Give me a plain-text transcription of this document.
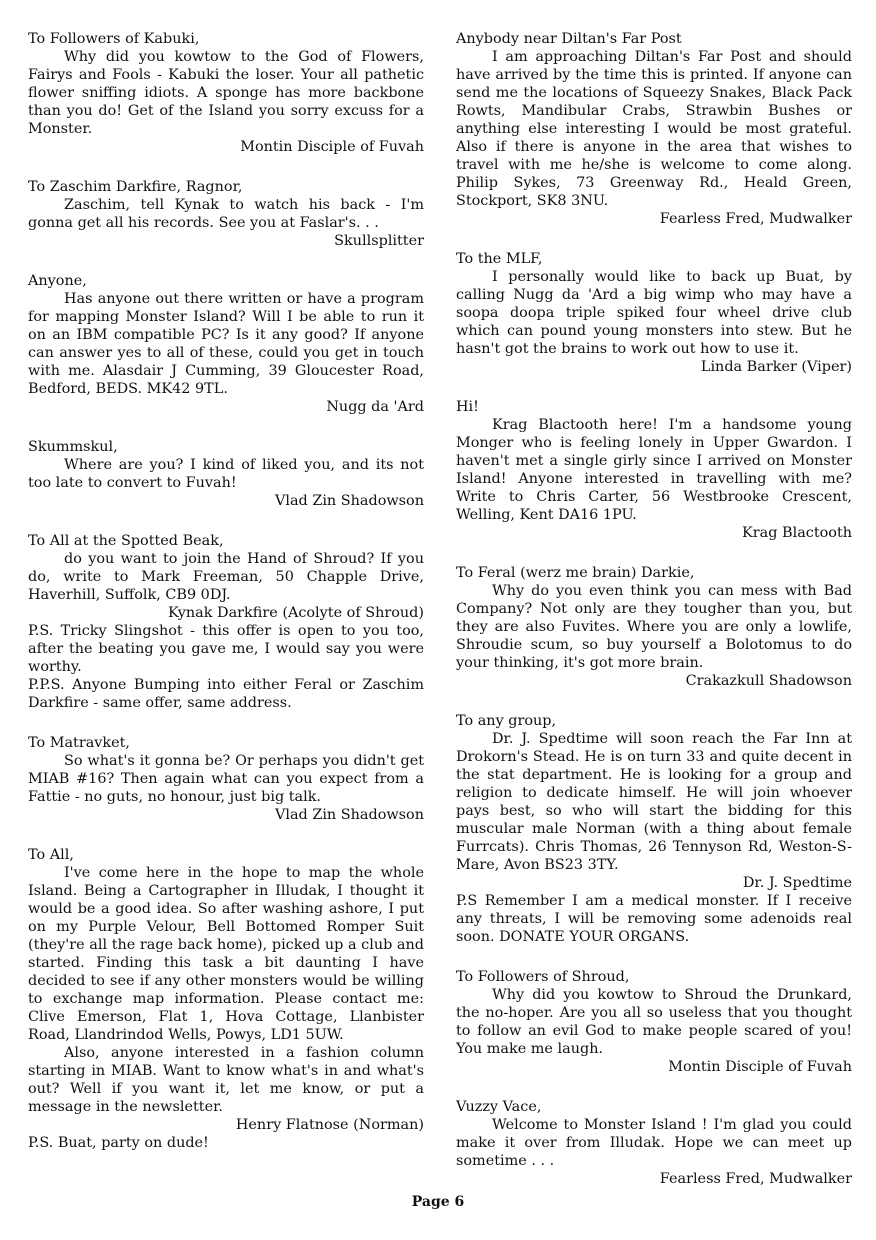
To Followers of Kabuki,

Why did you kowtow to the God of Flowers, Fairys and Fools - Kabuki the loser. Your all pathetic flower sniffing idiots. A sponge has more backbone than you do! Get of the Island you sorry excuss for a Monster.

Montin Disciple of Fuvah

To Zaschim Darkfire, Ragnor,

Zaschim, tell Kynak to watch his back - I'm gonna get all his records. See you at Faslar's. . .

Skullsplitter

Anyone,

Has anyone out there written or have a program for mapping Monster Island? Will I be able to run it on an IBM compatible PC? Is it any good? If anyone can answer yes to all of these, could you get in touch with me. Alasdair J Cumming, 39 Gloucester Road, Bedford, BEDS. MK42 9TL.

Nugg da 'Ard

Skummskul,

Where are you? I kind of liked you, and its not too late to convert to Fuvah!

Vlad Zin Shadowson

To All at the Spotted Beak,

do you want to join the Hand of Shroud? If you do, write to Mark Freeman, 50 Chapple Drive, Haverhill, Suffolk, CB9 0DJ.

Kynak Darkfire (Acolyte of Shroud)

P.S. Tricky Slingshot - this offer is open to you too, after the beating you gave me, I would say you were worthy.

P.P.S. Anyone Bumping into either Feral or Zaschim Darkfire - same offer, same address.

To Matravket,

So what's it gonna be? Or perhaps you didn't get MIAB #16? Then again what can you expect from a Fattie - no guts, no honour, just big talk.

Vlad Zin Shadowson

To All,

I've come here in the hope to map the whole Island. Being a Cartographer in Illudak, I thought it would be a good idea. So after washing ashore, I put on my Purple Velour, Bell Bottomed Romper Suit (they're all the rage back home), picked up a club and started. Finding this task a bit daunting I have decided to see if any other monsters would be willing to exchange map information. Please contact me: Clive Emerson, Flat 1, Hova Cottage, Llanbister Road, Llandrindod Wells, Powys, LD1 5UW.

Also, anyone interested in a fashion column starting in MIAB. Want to know what's in and what's out? Well if you want it, let me know, or put a message in the newsletter.

Henry Flatnose (Norman)

P.S. Buat, party on dude!

Anybody near Diltan's Far Post

I am approaching Diltan's Far Post and should have arrived by the time this is printed. If anyone can send me the locations of Squeezy Snakes, Black Pack Rowts, Mandibular Crabs, Strawbin Bushes or anything else interesting I would be most grateful. Also if there is anyone in the area that wishes to travel with me he/she is welcome to come along. Philip Sykes, 73 Greenway Rd., Heald Green, Stockport, SK8 3NU.

Fearless Fred, Mudwalker

To the MLF,

I personally would like to back up Buat, by calling Nugg da 'Ard a big wimp who may have a soopa doopa triple spiked four wheel drive club which can pound young monsters into stew. But he hasn't got the brains to work out how to use it.

Linda Barker (Viper)

Hi!

Krag Blactooth here! I'm a handsome young Monger who is feeling lonely in Upper Gwardon. I haven't met a single girly since I arrived on Monster Island! Anyone interested in travelling with me? Write to Chris Carter, 56 Westbrooke Crescent, Welling, Kent DA16 1PU.

Krag Blactooth

To Feral (werz me brain) Darkie,

Why do you even think you can mess with Bad Company? Not only are they tougher than you, but they are also Fuvites. Where you are only a lowlife, Shroudie scum, so buy yourself a Bolotomus to do your thinking, it's got more brain.

Crakazkull Shadowson

To any group,

Dr. J. Spedtime will soon reach the Far Inn at Drokorn's Stead. He is on turn 33 and quite decent in the stat department. He is looking for a group and religion to dedicate himself. He will join whoever pays best, so who will start the bidding for this muscular male Norman (with a thing about female Furrcats). Chris Thomas, 26 Tennyson Rd, Weston-S-Mare, Avon BS23 3TY.

Dr. J. Spedtime

P.S Remember I am a medical monster. If I receive any threats, I will be removing some adenoids real soon. DONATE YOUR ORGANS.

To Followers of Shroud,

Why did you kowtow to Shroud the Drunkard, the no-hoper. Are you all so useless that you thought to follow an evil God to make people scared of you! You make me laugh.

Montin Disciple of Fuvah

Vuzzy Vace,

Welcome to Monster Island ! I'm glad you could make it over from Illudak. Hope we can meet up sometime . . .

Fearless Fred, Mudwalker

Page 6
